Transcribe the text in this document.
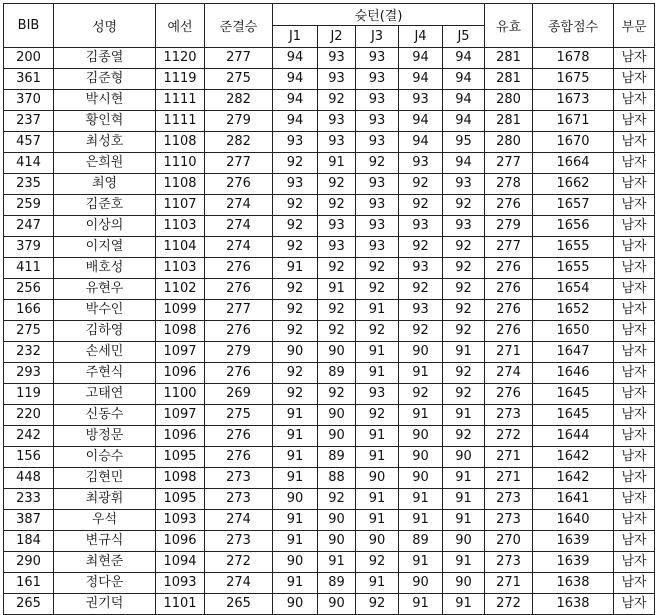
BIB	성명	예선	준결승	슛턴(결)					유효	종합점수	부문
				J1	J2	J3	J4	J5			
200	김종열	1120	277	94	93	93	94	94	281	1678	남자
361	김준형	1119	275	94	93	93	94	94	281	1675	남자
370	박시현	1111	282	94	92	93	93	94	280	1673	남자
237	황인혁	1111	279	94	93	93	94	94	281	1671	남자
457	최성호	1108	282	93	93	93	94	95	280	1670	남자
414	은희원	1110	277	92	91	92	93	94	277	1664	남자
235	최영	1108	276	93	92	93	92	93	278	1662	남자
259	김준호	1107	274	92	92	93	92	92	276	1657	남자
247	이상의	1103	274	92	93	93	93	93	279	1656	남자
379	이지열	1104	274	92	93	93	92	92	277	1655	남자
411	배호성	1103	276	91	92	92	93	92	276	1655	남자
256	유현우	1102	276	92	91	92	92	92	276	1654	남자
166	박수인	1099	277	92	92	91	93	92	276	1652	남자
275	김하영	1098	276	92	92	92	92	92	276	1650	남자
232	손세민	1097	279	90	90	91	90	91	271	1647	남자
293	주현식	1096	276	92	89	91	91	92	274	1646	남자
119	고태연	1100	269	92	92	93	92	92	276	1645	남자
220	신동수	1097	275	91	90	92	91	91	273	1645	남자
242	방정문	1096	276	91	90	91	90	92	272	1644	남자
156	이승수	1095	276	91	89	91	90	90	271	1642	남자
448	김현민	1098	273	91	88	90	90	91	271	1642	남자
233	최광휘	1095	273	90	92	91	91	91	273	1641	남자
387	우석	1093	274	91	90	91	91	91	273	1640	남자
184	변규식	1096	273	91	90	90	89	90	270	1639	남자
290	최현준	1094	272	90	91	92	91	91	273	1639	남자
161	정다운	1093	274	91	89	91	90	90	271	1638	남자
265	권기덕	1101	265	90	90	92	91	91	272	1638	남자
